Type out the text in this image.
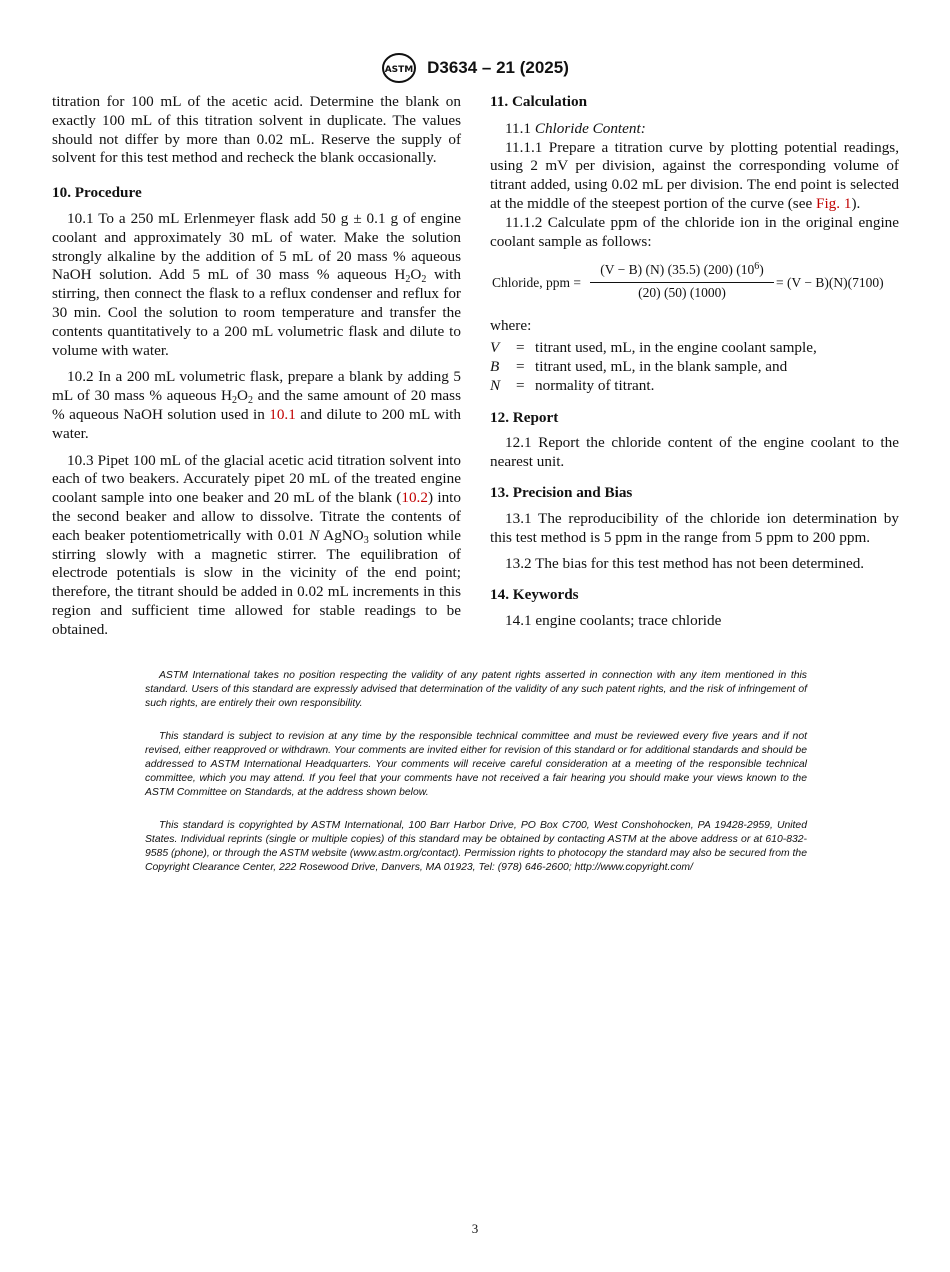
ASTM D3634 – 21 (2025)

titration for 100 mL of the acetic acid. Determine the blank on exactly 100 mL of this titration solvent in duplicate. The values should not differ by more than 0.02 mL. Reserve the supply of solvent for this test method and recheck the blank occasionally.

10. Procedure

10.1 To a 250 mL Erlenmeyer flask add 50 g ± 0.1 g of engine coolant and approximately 30 mL of water. Make the solution strongly alkaline by the addition of 5 mL of 20 mass % aqueous NaOH solution. Add 5 mL of 30 mass % aqueous $H_2O_2$ with stirring, then connect the flask to a reflux condenser and reflux for 30 min. Cool the solution to room temperature and transfer the contents quantitatively to a 200 mL volumetric flask and dilute to volume with water.

10.2 In a 200 mL volumetric flask, prepare a blank by adding 5 mL of 30 mass % aqueous $H_2O_2$ and the same amount of 20 mass % aqueous NaOH solution used in 10.1 and dilute to 200 mL with water.

10.3 Pipet 100 mL of the glacial acetic acid titration solvent into each of two beakers. Accurately pipet 20 mL of the treated engine coolant sample into one beaker and 20 mL of the blank (10.2) into the second beaker and allow to dissolve. Titrate the contents of each beaker potentiometrically with 0.01 N AgNO$_3$ solution while stirring slowly with a magnetic stirrer. The equilibration of electrode potentials is slow in the vicinity of the end point; therefore, the titrant should be added in 0.02 mL increments in this region and sufficient time allowed for stable readings to be obtained.

11. Calculation

11.1 Chloride Content:

11.1.1 Prepare a titration curve by plotting potential readings, using 2 mV per division, against the corresponding volume of titrant added, using 0.02 mL per division. The end point is selected at the middle of the steepest portion of the curve (see Fig. 1).

11.1.2 Calculate ppm of the chloride ion in the original engine coolant sample as follows:

Chloride, ppm = $\frac{(V - B) (N) (35.5) (200) (10^6)}{(20) (50) (1000)} = (V - B)(N)(7100)$

where:

V	= titrant used, mL, in the engine coolant sample,
B	= titrant used, mL, in the blank sample, and
N	= normality of titrant.
12. Report

12.1 Report the chloride content of the engine coolant to the nearest unit.

13. Precision and Bias

13.1 The reproducibility of the chloride ion determination by this test method is 5 ppm in the range from 5 ppm to 200 ppm.

13.2 The bias for this test method has not been determined.

14. Keywords

14.1 engine coolants; trace chloride

ASTM International takes no position respecting the validity of any patent rights asserted in connection with any item mentioned in this standard. Users of this standard are expressly advised that determination of the validity of any such patent rights, and the risk of infringement of such rights, are entirely their own responsibility.

This standard is subject to revision at any time by the responsible technical committee and must be reviewed every five years and if not revised, either reapproved or withdrawn. Your comments are invited either for revision of this standard or for additional standards and should be addressed to ASTM International Headquarters. Your comments will receive careful consideration at a meeting of the responsible technical committee, which you may attend. If you feel that your comments have not received a fair hearing you should make your views known to the ASTM Committee on Standards, at the address shown below.

This standard is copyrighted by ASTM International, 100 Barr Harbor Drive, PO Box C700, West Conshohocken, PA 19428-2959, United States. Individual reprints (single or multiple copies) of this standard may be obtained by contacting ASTM at the above address or at 610-832-9585 (phone), or through the ASTM website (www.astm.org/contact). Permission rights to photocopy the standard may also be secured from the Copyright Clearance Center, 222 Rosewood Drive, Danvers, MA 01923, Tel: (978) 646-2600; http://www.copyright.com/

3
